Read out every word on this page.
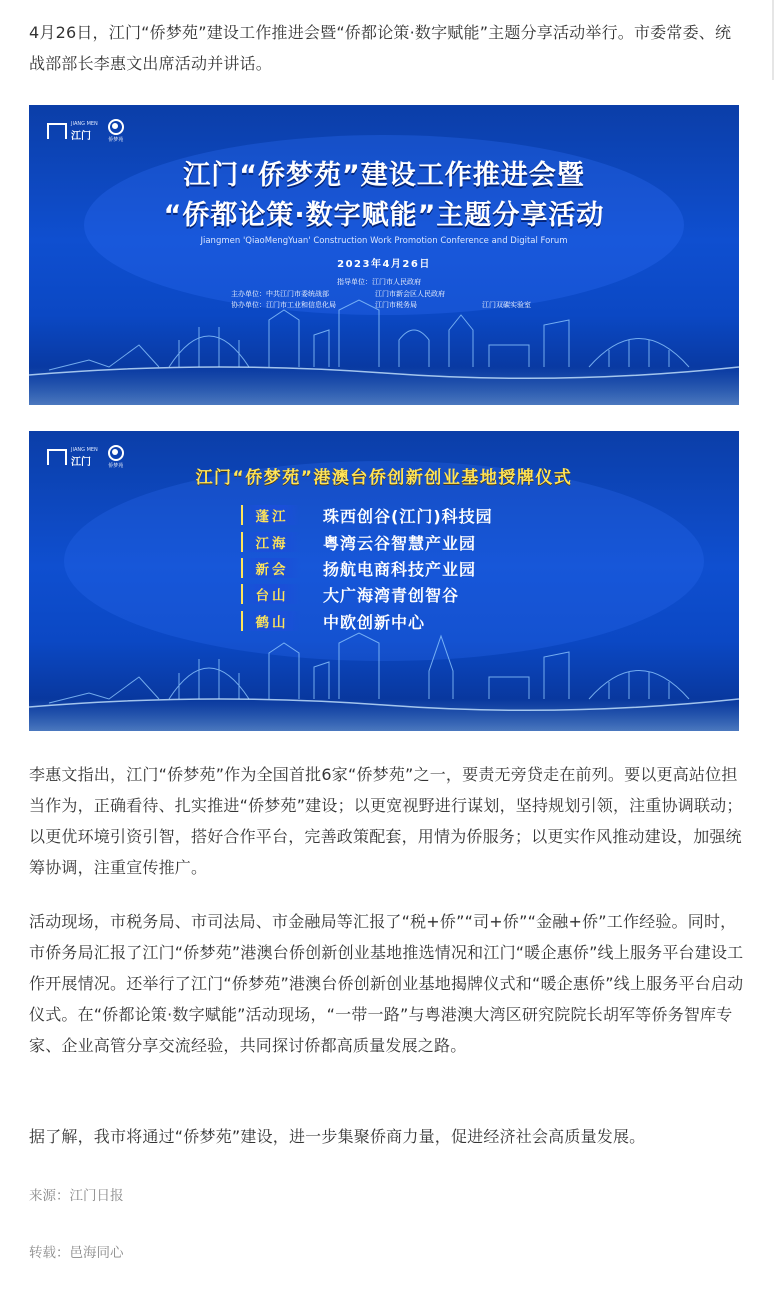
4月26日，江门“侨梦苑”建设工作推进会暨“侨都论策·数字赋能”主题分享活动举行。市委常委、统战部部长李惠文出席活动并讲话。

JIANG MEN
江门	侨梦苑
江门“侨梦苑”建设工作推进会暨
“侨都论策·数字赋能”主题分享活动
Jiangmen 'QiaoMengYuan' Construction Work Promotion Conference and Digital Forum
2023年4月26日
指导单位：江门市人民政府
主办单位：中共江门市委统战部	江门市新会区人民政府
协办单位：江门市工业和信息化局	江门市税务局	江门双碳实验室
JIANG MEN
江门	侨梦苑
江门“侨梦苑”港澳台侨创新创业基地授牌仪式
蓬江	珠西创谷(江门)科技园
江海	粤湾云谷智慧产业园
新会	扬航电商科技产业园
台山	大广海湾青创智谷
鹤山	中欧创新中心

李惠文指出，江门“侨梦苑”作为全国首批6家“侨梦苑”之一，要责无旁贷走在前列。要以更高站位担当作为，正确看待、扎实推进“侨梦苑”建设；以更宽视野进行谋划，坚持规划引领，注重协调联动；以更优环境引资引智，搭好合作平台，完善政策配套，用情为侨服务；以更实作风推动建设，加强统筹协调，注重宣传推广。

活动现场，市税务局、市司法局、市金融局等汇报了“税+侨”“司+侨”“金融+侨”工作经验。同时，市侨务局汇报了江门“侨梦苑”港澳台侨创新创业基地推选情况和江门“暖企惠侨”线上服务平台建设工作开展情况。还举行了江门“侨梦苑”港澳台侨创新创业基地揭牌仪式和“暖企惠侨”线上服务平台启动仪式。在“侨都论策·数字赋能”活动现场，“一带一路”与粤港澳大湾区研究院院长胡军等侨务智库专家、企业高管分享交流经验，共同探讨侨都高质量发展之路。

据了解，我市将通过“侨梦苑”建设，进一步集聚侨商力量，促进经济社会高质量发展。

来源：江门日报

转载：邑海同心
